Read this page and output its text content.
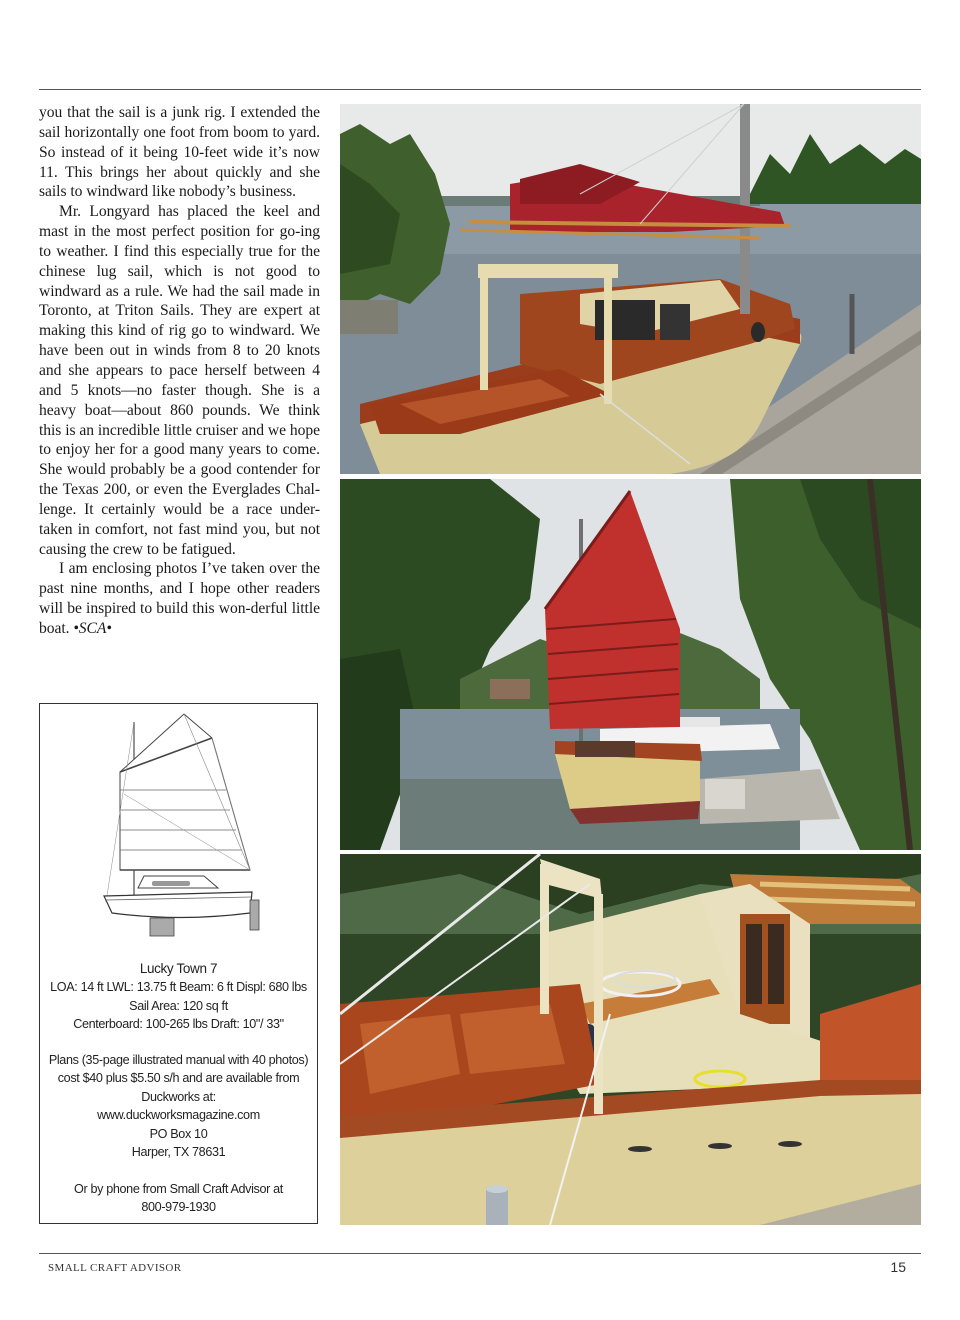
you that the sail is a junk rig. I extended the sail horizontally one foot from boom to yard. So instead of it being 10-feet wide it’s now 11. This brings her about quickly and she sails to windward like nobody’s business.

Mr. Longyard has placed the keel and mast in the most perfect position for go-ing to weather. I find this especially true for the chinese lug sail, which is not good to windward as a rule. We had the sail made in Toronto, at Triton Sails. They are expert at making this kind of rig go to windward. We have been out in winds from 8 to 20 knots and she appears to pace herself between 4 and 5 knots—no faster though. She is a heavy boat—about 860 pounds. We think this is an incredible little cruiser and we hope to enjoy her for a good many years to come. She would probably be a good contender for the Texas 200, or even the Everglades Chal-lenge. It certainly would be a race under-taken in comfort, not fast mind you, but not causing the crew to be fatigued.

I am enclosing photos I’ve taken over the past nine months, and I hope other readers will be inspired to build this won-derful little boat. •SCA•

Lucky Town 7
LOA: 14 ft LWL: 13.75 ft Beam: 6 ft Displ: 680 lbs
Sail Area: 120 sq ft
Centerboard: 100-265 lbs Draft: 10"/ 33"
Plans (35-page illustrated manual with 40 photos)
cost $40 plus $5.50 s/h and are available from
Duckworks at:
www.duckworksmagazine.com
PO Box 10
Harper, TX 78631
Or by phone from Small Craft Advisor at
800-979-1930
SMALL CRAFT ADVISOR	15
